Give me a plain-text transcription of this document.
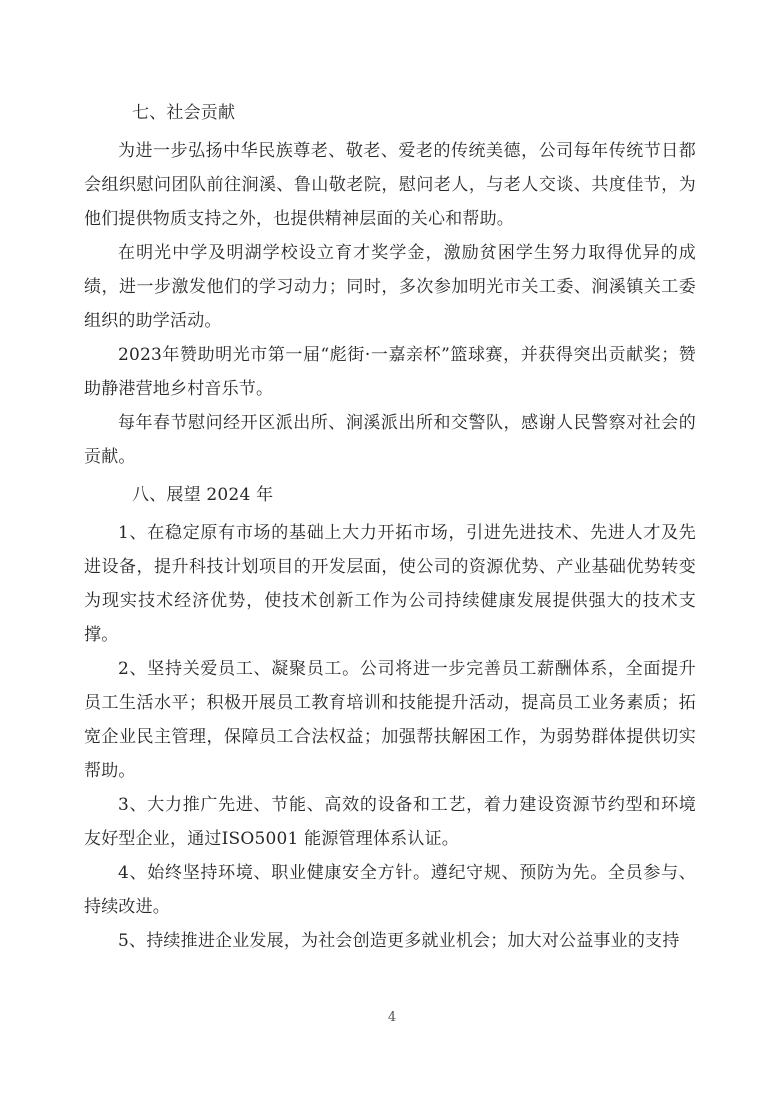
七、社会贡献

为进一步弘扬中华民族尊老、敬老、爱老的传统美德，公司每年传统节日都会组织慰问团队前往涧溪、鲁山敬老院，慰问老人，与老人交谈、共度佳节，为他们提供物质支持之外，也提供精神层面的关心和帮助。

在明光中学及明湖学校设立育才奖学金，激励贫困学生努力取得优异的成绩，进一步激发他们的学习动力；同时，多次参加明光市关工委、涧溪镇关工委组织的助学活动。

2023年赞助明光市第一届“彪街·一嘉亲杯”篮球赛，并获得突出贡献奖；赞助静港营地乡村音乐节。

每年春节慰问经开区派出所、涧溪派出所和交警队，感谢人民警察对社会的贡献。

八、展望 2024 年

1、在稳定原有市场的基础上大力开拓市场，引进先进技术、先进人才及先进设备，提升科技计划项目的开发层面，使公司的资源优势、产业基础优势转变为现实技术经济优势，使技术创新工作为公司持续健康发展提供强大的技术支撑。

2、坚持关爱员工、凝聚员工。公司将进一步完善员工薪酬体系，全面提升员工生活水平；积极开展员工教育培训和技能提升活动，提高员工业务素质；拓宽企业民主管理，保障员工合法权益；加强帮扶解困工作，为弱势群体提供切实帮助。

3、大力推广先进、节能、高效的设备和工艺，着力建设资源节约型和环境友好型企业，通过ISO5001 能源管理体系认证。

4、始终坚持环境、职业健康安全方针。遵纪守规、预防为先。全员参与、持续改进。

5、持续推进企业发展，为社会创造更多就业机会；加大对公益事业的支持

4
